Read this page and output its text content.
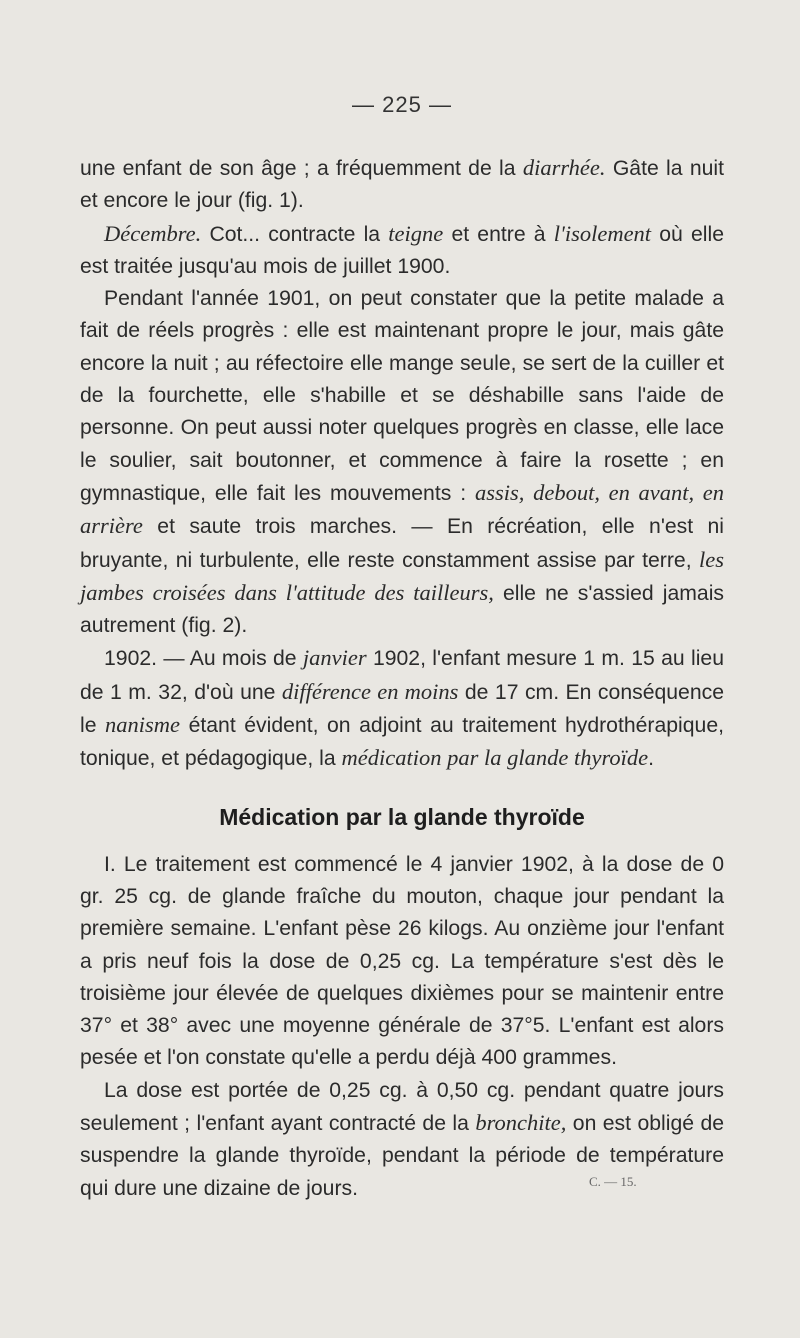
— 225 —

une enfant de son âge ; a fréquemment de la diarrhée. Gâte la nuit et encore le jour (fig. 1).

Décembre. Cot... contracte la teigne et entre à l'isolement où elle est traitée jusqu'au mois de juillet 1900.

Pendant l'année 1901, on peut constater que la petite malade a fait de réels progrès : elle est maintenant propre le jour, mais gâte encore la nuit ; au réfectoire elle mange seule, se sert de la cuiller et de la fourchette, elle s'habille et se déshabille sans l'aide de personne. On peut aussi noter quelques progrès en classe, elle lace le soulier, sait boutonner, et commence à faire la rosette ; en gymnastique, elle fait les mouvements : assis, debout, en avant, en arrière et saute trois marches. — En récréation, elle n'est ni bruyante, ni turbulente, elle reste constamment assise par terre, les jambes croisées dans l'attitude des tailleurs, elle ne s'assied jamais autrement (fig. 2).

1902. — Au mois de janvier 1902, l'enfant mesure 1 m. 15 au lieu de 1 m. 32, d'où une différence en moins de 17 cm. En conséquence le nanisme étant évident, on adjoint au traitement hydrothérapique, tonique, et pédagogique, la médication par la glande thyroïde.

Médication par la glande thyroïde

I. Le traitement est commencé le 4 janvier 1902, à la dose de 0 gr. 25 cg. de glande fraîche du mouton, chaque jour pendant la première semaine. L'enfant pèse 26 kilogs. Au onzième jour l'enfant a pris neuf fois la dose de 0,25 cg. La température s'est dès le troisième jour élevée de quelques dixièmes pour se maintenir entre 37° et 38° avec une moyenne générale de 37°5. L'enfant est alors pesée et l'on constate qu'elle a perdu déjà 400 grammes.

La dose est portée de 0,25 cg. à 0,50 cg. pendant quatre jours seulement ; l'enfant ayant contracté de la bronchite, on est obligé de suspendre la glande thyroïde, pendant la période de température qui dure une dizaine de jours.	C. — 15.
